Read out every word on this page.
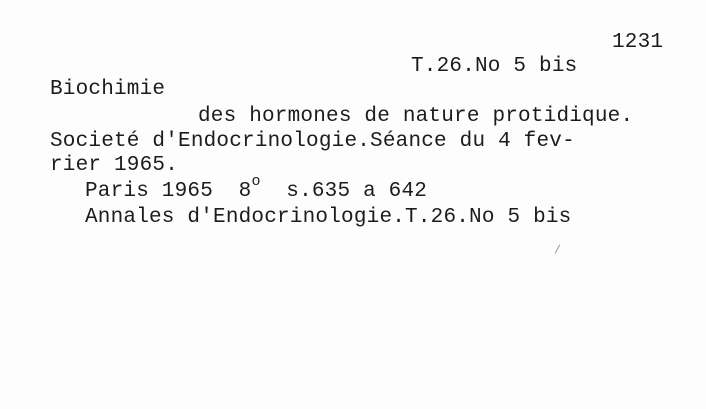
1231
T.26.No 5 bis
Biochimie
des hormones de nature protidique.
Societé d'Endocrinologie.Séance du 4 fev-
rier 1965.
Paris 1965 8$^o$ s.635 a 642
Annales d'Endocrinologie.T.26.No 5 bis
